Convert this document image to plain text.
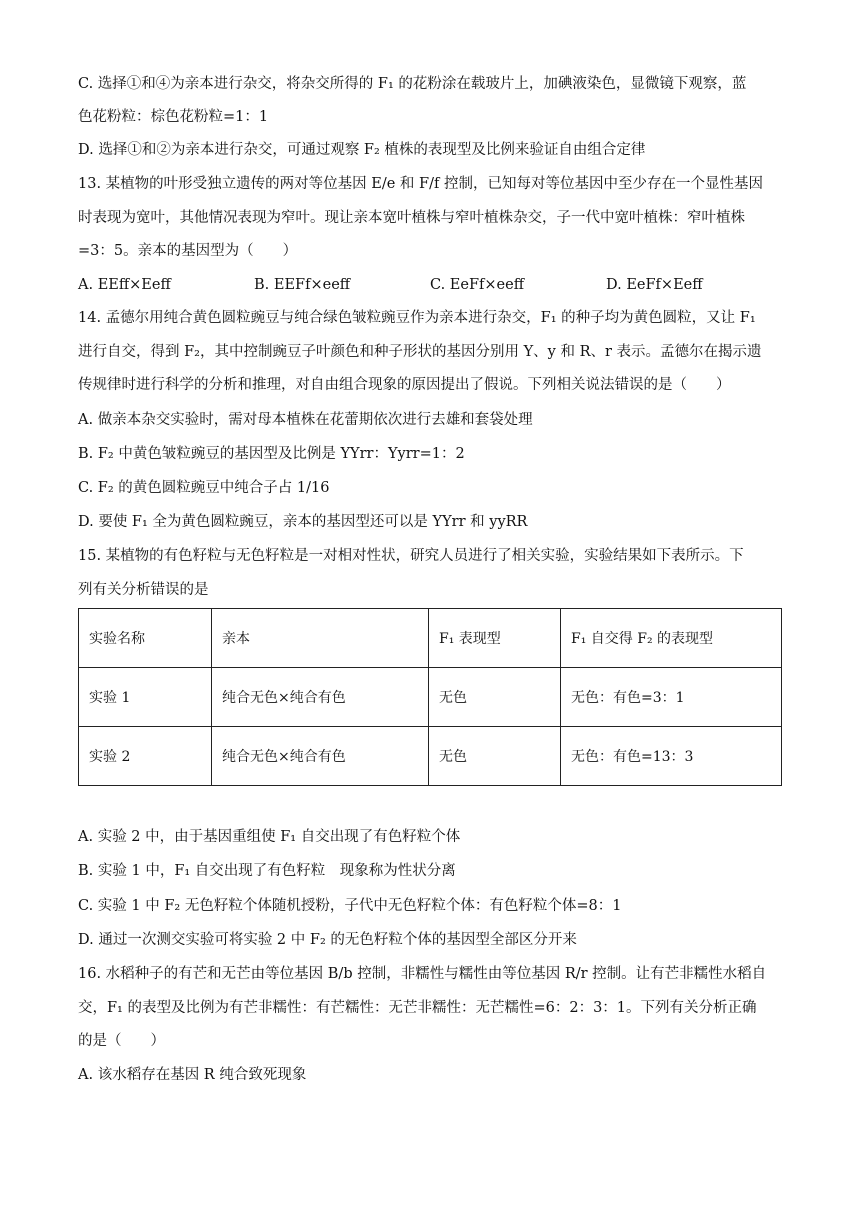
C. 选择①和④为亲本进行杂交，将杂交所得的 F₁ 的花粉涂在载玻片上，加碘液染色，显微镜下观察，蓝
色花粉粒：棕色花粉粒=1：1
D. 选择①和②为亲本进行杂交，可通过观察 F₂ 植株的表现型及比例来验证自由组合定律
13. 某植物的叶形受独立遗传的两对等位基因 E/e 和 F/f 控制，已知每对等位基因中至少存在一个显性基因
时表现为宽叶，其他情况表现为窄叶。现让亲本宽叶植株与窄叶植株杂交，子一代中宽叶植株：窄叶植株
=3：5。亲本的基因型为（　　）
A. EEff×Eeff	B. EEFf×eeff	C. EeFf×eeff	D. EeFf×Eeff
14. 孟德尔用纯合黄色圆粒豌豆与纯合绿色皱粒豌豆作为亲本进行杂交，F₁ 的种子均为黄色圆粒，又让 F₁
进行自交，得到 F₂，其中控制豌豆子叶颜色和种子形状的基因分别用 Y、y 和 R、r 表示。孟德尔在揭示遗
传规律时进行科学的分析和推理，对自由组合现象的原因提出了假说。下列相关说法错误的是（　　）
A. 做亲本杂交实验时，需对母本植株在花蕾期依次进行去雄和套袋处理
B. F₂ 中黄色皱粒豌豆的基因型及比例是 YYrr：Yyrr=1：2
C. F₂ 的黄色圆粒豌豆中纯合子占 1/16
D. 要使 F₁ 全为黄色圆粒豌豆，亲本的基因型还可以是 YYrr 和 yyRR
15. 某植物的有色籽粒与无色籽粒是一对相对性状，研究人员进行了相关实验，实验结果如下表所示。下
列有关分析错误的是
实验名称	亲本	F₁ 表现型	F₁ 自交得 F₂ 的表现型
实验 1	纯合无色×纯合有色	无色	无色：有色=3：1
实验 2	纯合无色×纯合有色	无色	无色：有色=13：3
A. 实验 2 中，由于基因重组使 F₁ 自交出现了有色籽粒个体
B. 实验 1 中，F₁ 自交出现了有色籽粒　现象称为性状分离
C. 实验 1 中 F₂ 无色籽粒个体随机授粉，子代中无色籽粒个体：有色籽粒个体=8：1
D. 通过一次测交实验可将实验 2 中 F₂ 的无色籽粒个体的基因型全部区分开来
16. 水稻种子的有芒和无芒由等位基因 B/b 控制，非糯性与糯性由等位基因 R/r 控制。让有芒非糯性水稻自
交，F₁ 的表型及比例为有芒非糯性：有芒糯性：无芒非糯性：无芒糯性=6：2：3：1。下列有关分析正确
的是（　　）
A. 该水稻存在基因 R 纯合致死现象
